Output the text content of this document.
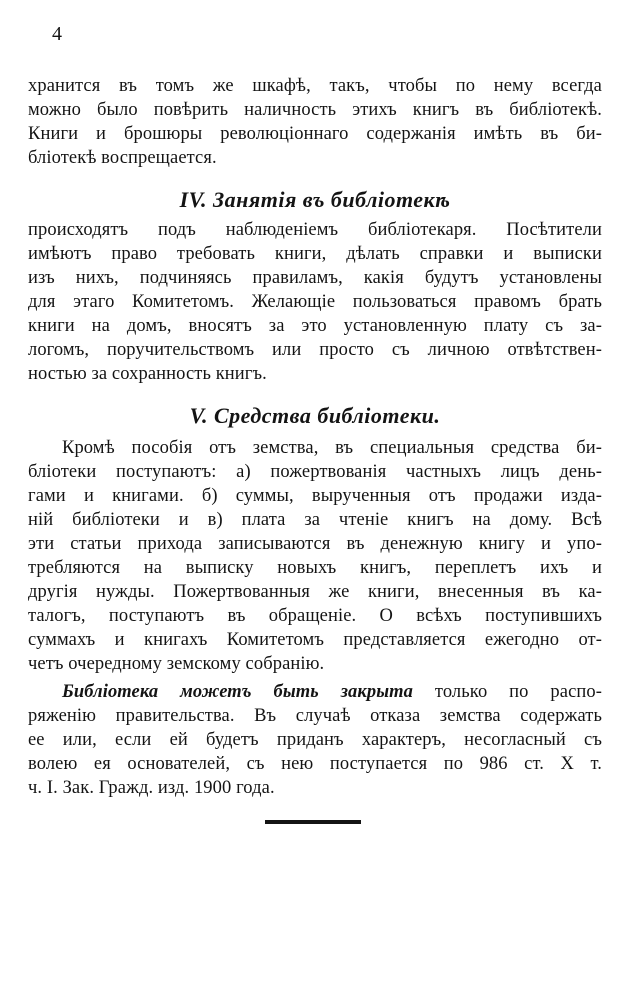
4
хранится въ томъ же шкафѣ, такъ, чтобы по нему всегда
можно было повѣрить наличность этихъ книгъ въ библіотекѣ.
Книги и брошюры революціоннаго содержанія имѣть въ би-
бліотекѣ воспрещается.
IV. Занятія въ библіотекѣ
происходятъ подъ наблюденіемъ библіотекаря. Посѣтители
имѣютъ право требовать книги, дѣлать справки и выписки
изъ нихъ, подчиняясь правиламъ, какія будутъ установлены
для этаго Комитетомъ. Желающіе пользоваться правомъ брать
книги на домъ, вносятъ за это установленную плату съ за-
логомъ, поручительствомъ или просто съ личною отвѣтствен-
ностью за сохранность книгъ.
V. Средства библіотеки.
Кромѣ пособія отъ земства, въ специальныя средства би-
бліотеки поступаютъ: а) пожертвованія частныхъ лицъ день-
гами и книгами. б) суммы, вырученныя отъ продажи изда-
ній библіотеки и в) плата за чтеніе книгъ на дому. Всѣ
эти статьи прихода записываются въ денежную книгу и упо-
требляются на выписку новыхъ книгъ, переплетъ ихъ и
другія нужды. Пожертвованныя же книги, внесенныя въ ка-
талогъ, поступаютъ въ обращеніе. О всѣхъ поступившихъ
суммахъ и книгахъ Комитетомъ представляется ежегодно от-
четъ очередному земскому собранію.
Библіотека можетъ быть закрыта только по распо-
ряженію правительства. Въ случаѣ отказа земства содержать
ее или, если ей будетъ приданъ характеръ, несогласный съ
волею ея основателей, съ нею поступается по 986 ст. X т.
ч. I. Зак. Гражд. изд. 1900 года.
